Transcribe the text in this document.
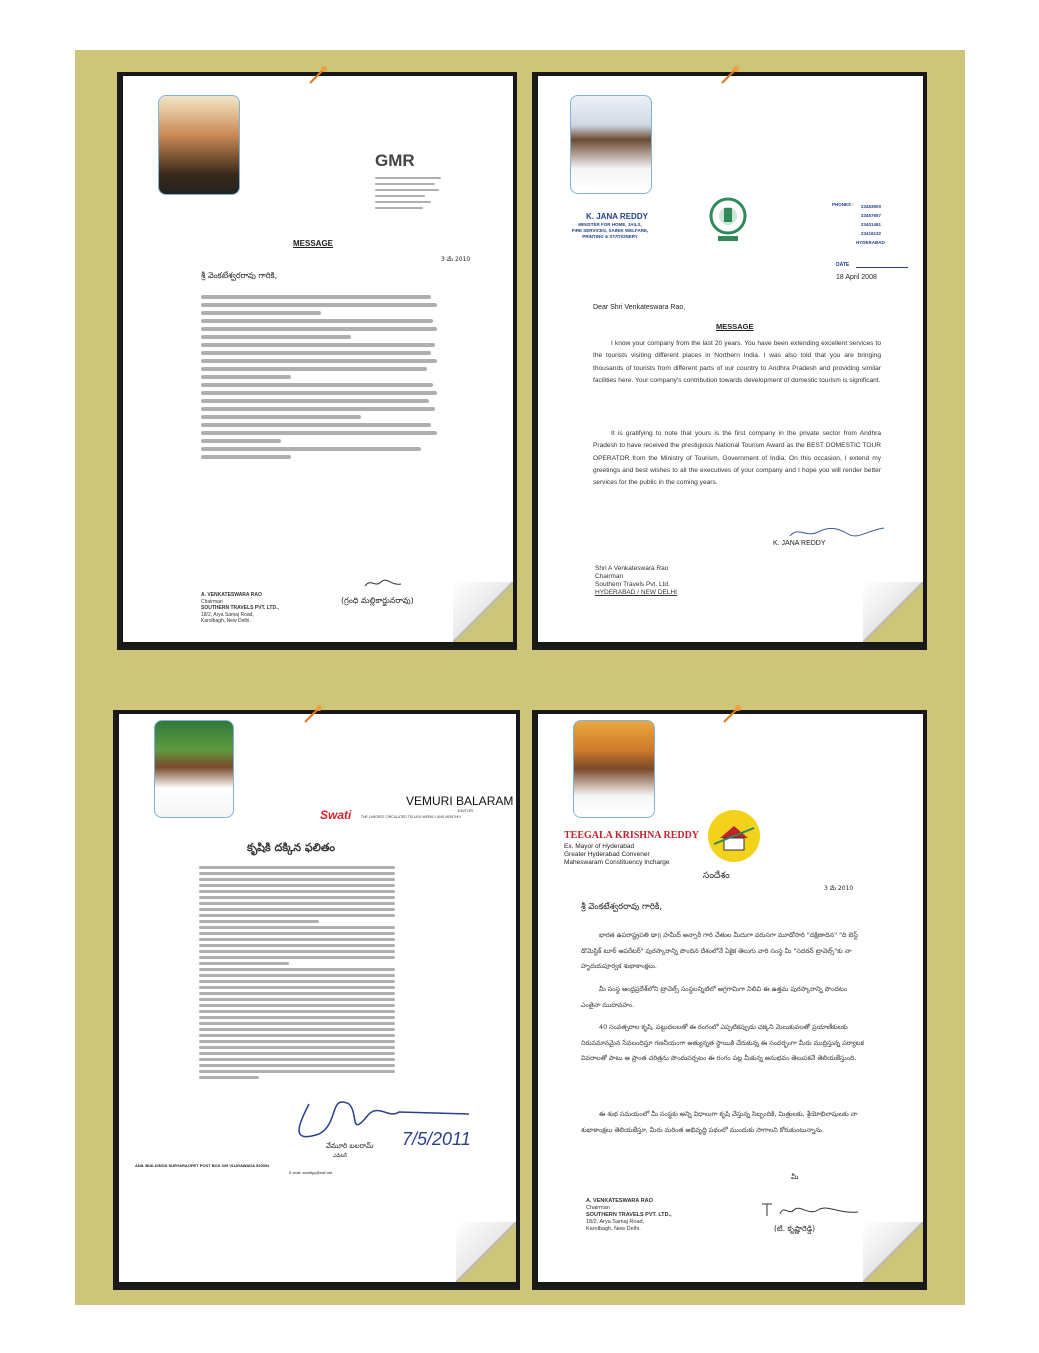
GMR
MESSAGE
3 మే 2010
శ్రీ వెంకటేశ్వరరావు గారికి,
A. VENKATESWARA RAO
Chairman
SOUTHERN TRAVELS PVT. LTD.,
18/2, Arya Samaj Road,
Karolbagh, New Delhi.
(గ్రంధి మల్లికార్జునరావు)
K. JANA REDDY
MINISTER FOR HOME, JAILS,
FIRE SERVICES, SAINIK WELFARE,
PRINTING & STATIONERY
PHONES : 23453900
23457657
23401491
23416132
HYDERABAD
DATE
18 April 2008
Dear Shri Venkateswara Rao,
MESSAGE
I know your company from the last 20 years. You have been extending excellent services to the tourists visiting different places in Northern India. I was also told that you are bringing thousands of tourists from different parts of our country to Andhra Pradesh and providing similar facilities here. Your company's contribution towards development of domestic tourism is significant.
It is gratifying to note that yours is the first company in the private sector from Andhra Pradesh to have received the prestigious National Tourism Award as the BEST DOMESTIC TOUR OPERATOR from the Ministry of Tourism, Government of India. On this occasion, I extend my greetings and best wishes to all the executives of your company and I hope you will render better services for the public in the coming years.
K. JANA REDDY
Shri A Venkateswara Rao
Chairman
Southern Travels Pvt. Ltd.
HYDERABAD / NEW DELHI
VEMURI BALARAM
EDITOR
Swati	THE LARGEST CIRCULATED TELUGU WEEKLY AND MONTHLY
కృషికి దక్కిన ఫలితం
7/5/2011
వేమూరి బలరామ్
ఎడిటర్
ANIL BUILDINGS SURYARAOPET POST BOX 339 VIJAYAWADA 520002
E-mail: swatiyp@ndf.net
TEEGALA KRISHNA REDDY
Ex. Mayor of Hyderabad
Greater Hyderabad Convener
Maheswaram Constituency Incharge
సందేశం
3 మే 2010
శ్రీ వెంకటేశ్వరరావు గారికి,
భారత ఉపరాష్ట్రపతి డా॥ హమీద్ అన్సారీ గారి చేతుల మీదుగా వరుసగా మూడోసారి "దక్షిణాదిన" "ది బెస్ట్ డొమెస్టిక్ టూర్ ఆపరేటర్" పురస్కారాన్ని పొందిన దేశంలోనే ఏకైక తెలుగు వారి సంస్థ మీ "సదరన్ ట్రావెల్స్"కు నా హృదయపూర్వక శుభాకాంక్షలు.
మీ సంస్థ ఆంధ్రప్రదేశ్‌లోని ట్రావెల్స్ సంస్థలన్నిటిలో అగ్రగామిగా నిలిచి ఈ ఉత్తమ పురస్కారాన్ని పొందటం ఎంతైనా ముదావహం.
40 సంవత్సరాల కృషి, పట్టుదలలతో ఈ రంగంలో ఎప్పటికప్పుడు చక్కని మెలుకువలతో ప్రయాణీకులకు నిరుపమానమైన సేవలందిస్తూ గణనీయంగా అత్యున్నత స్థాయికి చేరుకున్న ఈ సందర్భంగా మీరు ముద్రిస్తున్న పర్యాటక వివరాలతో పాటు ఆ ప్రాంత చరిత్రను పొందుపర్చటం ఈ రంగం పట్ల మీకున్న అనుభవం తెలుపకనే తెలియజేస్తుంది.
ఈ శుభ సమయంలో మీ సంస్థకు అన్ని విధాలుగా కృషి చేస్తున్న సిబ్బందికి, మిత్రులకు, శ్రేయోభిలాషులకు నా శుభాకాంక్షలు తెలియజేస్తూ, మీరు మరింత అభివృద్ధి పథంలో ముందుకు సాగాలని కోరుకుంటున్నాను.
మీ
A. VENKATESWARA RAO
Chairman
SOUTHERN TRAVELS PVT. LTD.,
18/2, Arya Samaj Road,
Karolbagh, New Delhi.	(టి. కృష్ణారెడ్డి)
